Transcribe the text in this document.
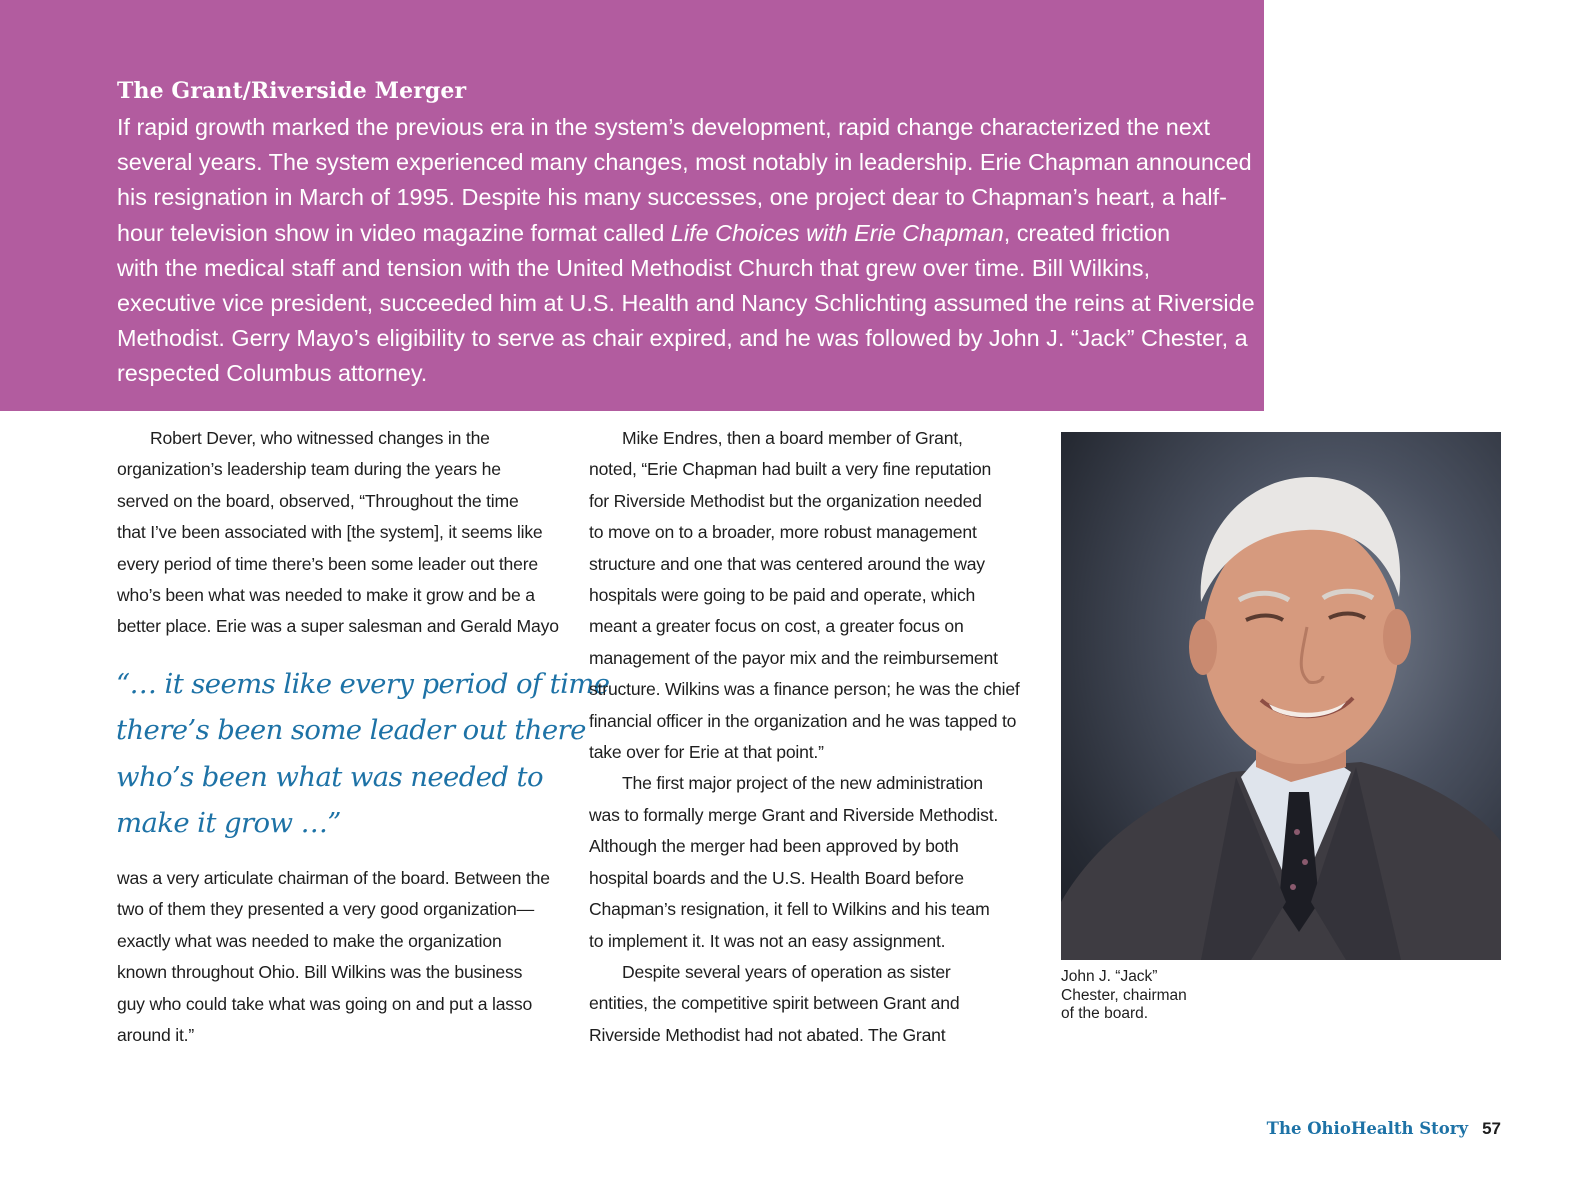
The Grant/Riverside Merger

If rapid growth marked the previous era in the system’s development, rapid change characterized the next
several years. The system experienced many changes, most notably in leadership. Erie Chapman announced
his resignation in March of 1995. Despite his many successes, one project dear to Chapman’s heart, a half-
hour television show in video magazine format called Life Choices with Erie Chapman, created friction
with the medical staff and tension with the United Methodist Church that grew over time. Bill Wilkins,
executive vice president, succeeded him at U.S. Health and Nancy Schlichting assumed the reins at Riverside
Methodist. Gerry Mayo’s eligibility to serve as chair expired, and he was followed by John J. “Jack” Chester, a
respected Columbus attorney.

Robert Dever, who witnessed changes in the
organization’s leadership team during the years he
served on the board, observed, “Throughout the time
that I’ve been associated with [the system], it seems like
every period of time there’s been some leader out there
who’s been what was needed to make it grow and be a
better place. Erie was a super salesman and Gerald Mayo

“… it seems like every period of time
there’s been some leader out there
who’s been what was needed to
make it grow …”

was a very articulate chairman of the board. Between the
two of them they presented a very good organization—
exactly what was needed to make the organization
known throughout Ohio. Bill Wilkins was the business
guy who could take what was going on and put a lasso
around it.”

Mike Endres, then a board member of Grant,
noted, “Erie Chapman had built a very fine reputation
for Riverside Methodist but the organization needed
to move on to a broader, more robust management
structure and one that was centered around the way
hospitals were going to be paid and operate, which
meant a greater focus on cost, a greater focus on
management of the payor mix and the reimbursement
structure. Wilkins was a finance person; he was the chief
financial officer in the organization and he was tapped to
take over for Erie at that point.”
The first major project of the new administration
was to formally merge Grant and Riverside Methodist.
Although the merger had been approved by both
hospital boards and the U.S. Health Board before
Chapman’s resignation, it fell to Wilkins and his team
to implement it. It was not an easy assignment.
Despite several years of operation as sister
entities, the competitive spirit between Grant and
Riverside Methodist had not abated. The Grant

John J. “Jack”
Chester, chairman
of the board.

The OhioHealth Story 57
